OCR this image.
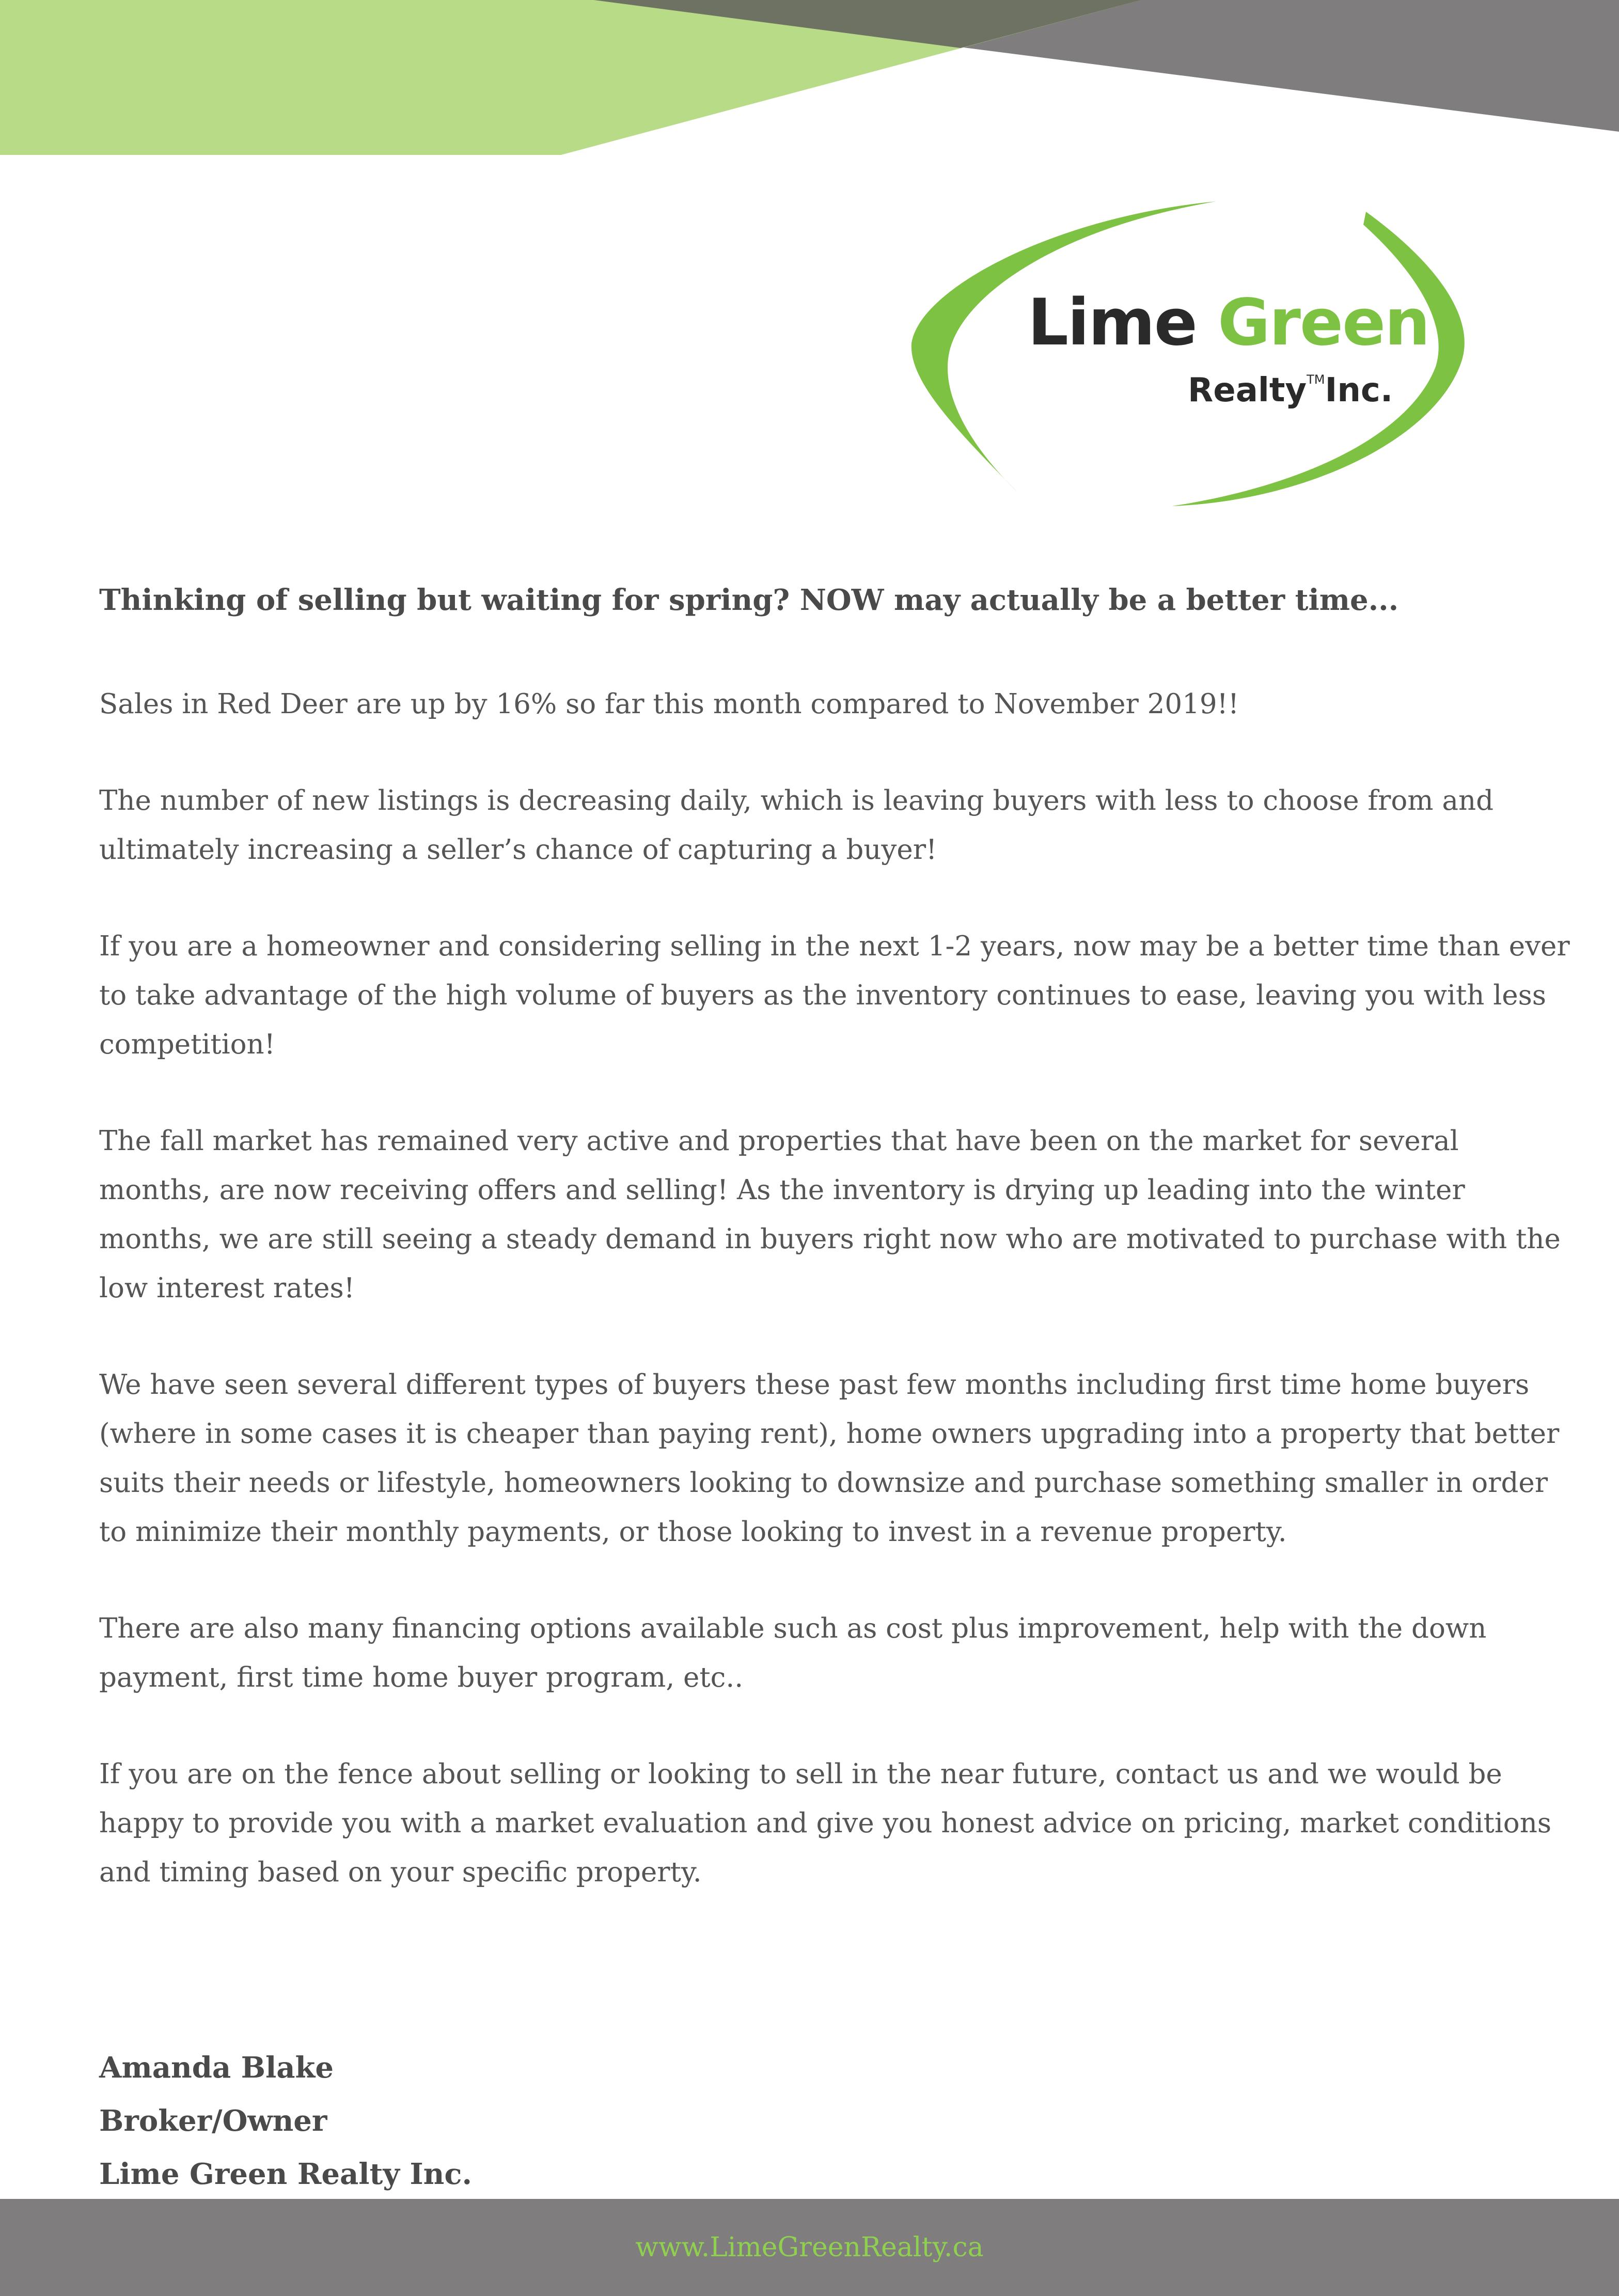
Lime Green
Realty™Inc.

Thinking of selling but waiting for spring? NOW may actually be a better time...

Sales in Red Deer are up by 16% so far this month compared to November 2019!!

The number of new listings is decreasing daily, which is leaving buyers with less to choose from and ultimately increasing a seller’s chance of capturing a buyer!

If you are a homeowner and considering selling in the next 1-2 years, now may be a better time than ever to take advantage of the high volume of buyers as the inventory continues to ease, leaving you with less competition!

The fall market has remained very active and properties that have been on the market for several months, are now receiving offers and selling! As the inventory is drying up leading into the winter months, we are still seeing a steady demand in buyers right now who are motivated to purchase with the low interest rates!

We have seen several different types of buyers these past few months including first time home buyers (where in some cases it is cheaper than paying rent), home owners upgrading into a property that better suits their needs or lifestyle, homeowners looking to downsize and purchase something smaller in order to minimize their monthly payments, or those looking to invest in a revenue property.

There are also many financing options available such as cost plus improvement, help with the down payment, first time home buyer program, etc..

If you are on the fence about selling or looking to sell in the near future, contact us and we would be happy to provide you with a market evaluation and give you honest advice on pricing, market conditions and timing based on your specific property.

Amanda Blake
Broker/Owner
Lime Green Realty Inc.
www.LimeGreenRealty.ca
